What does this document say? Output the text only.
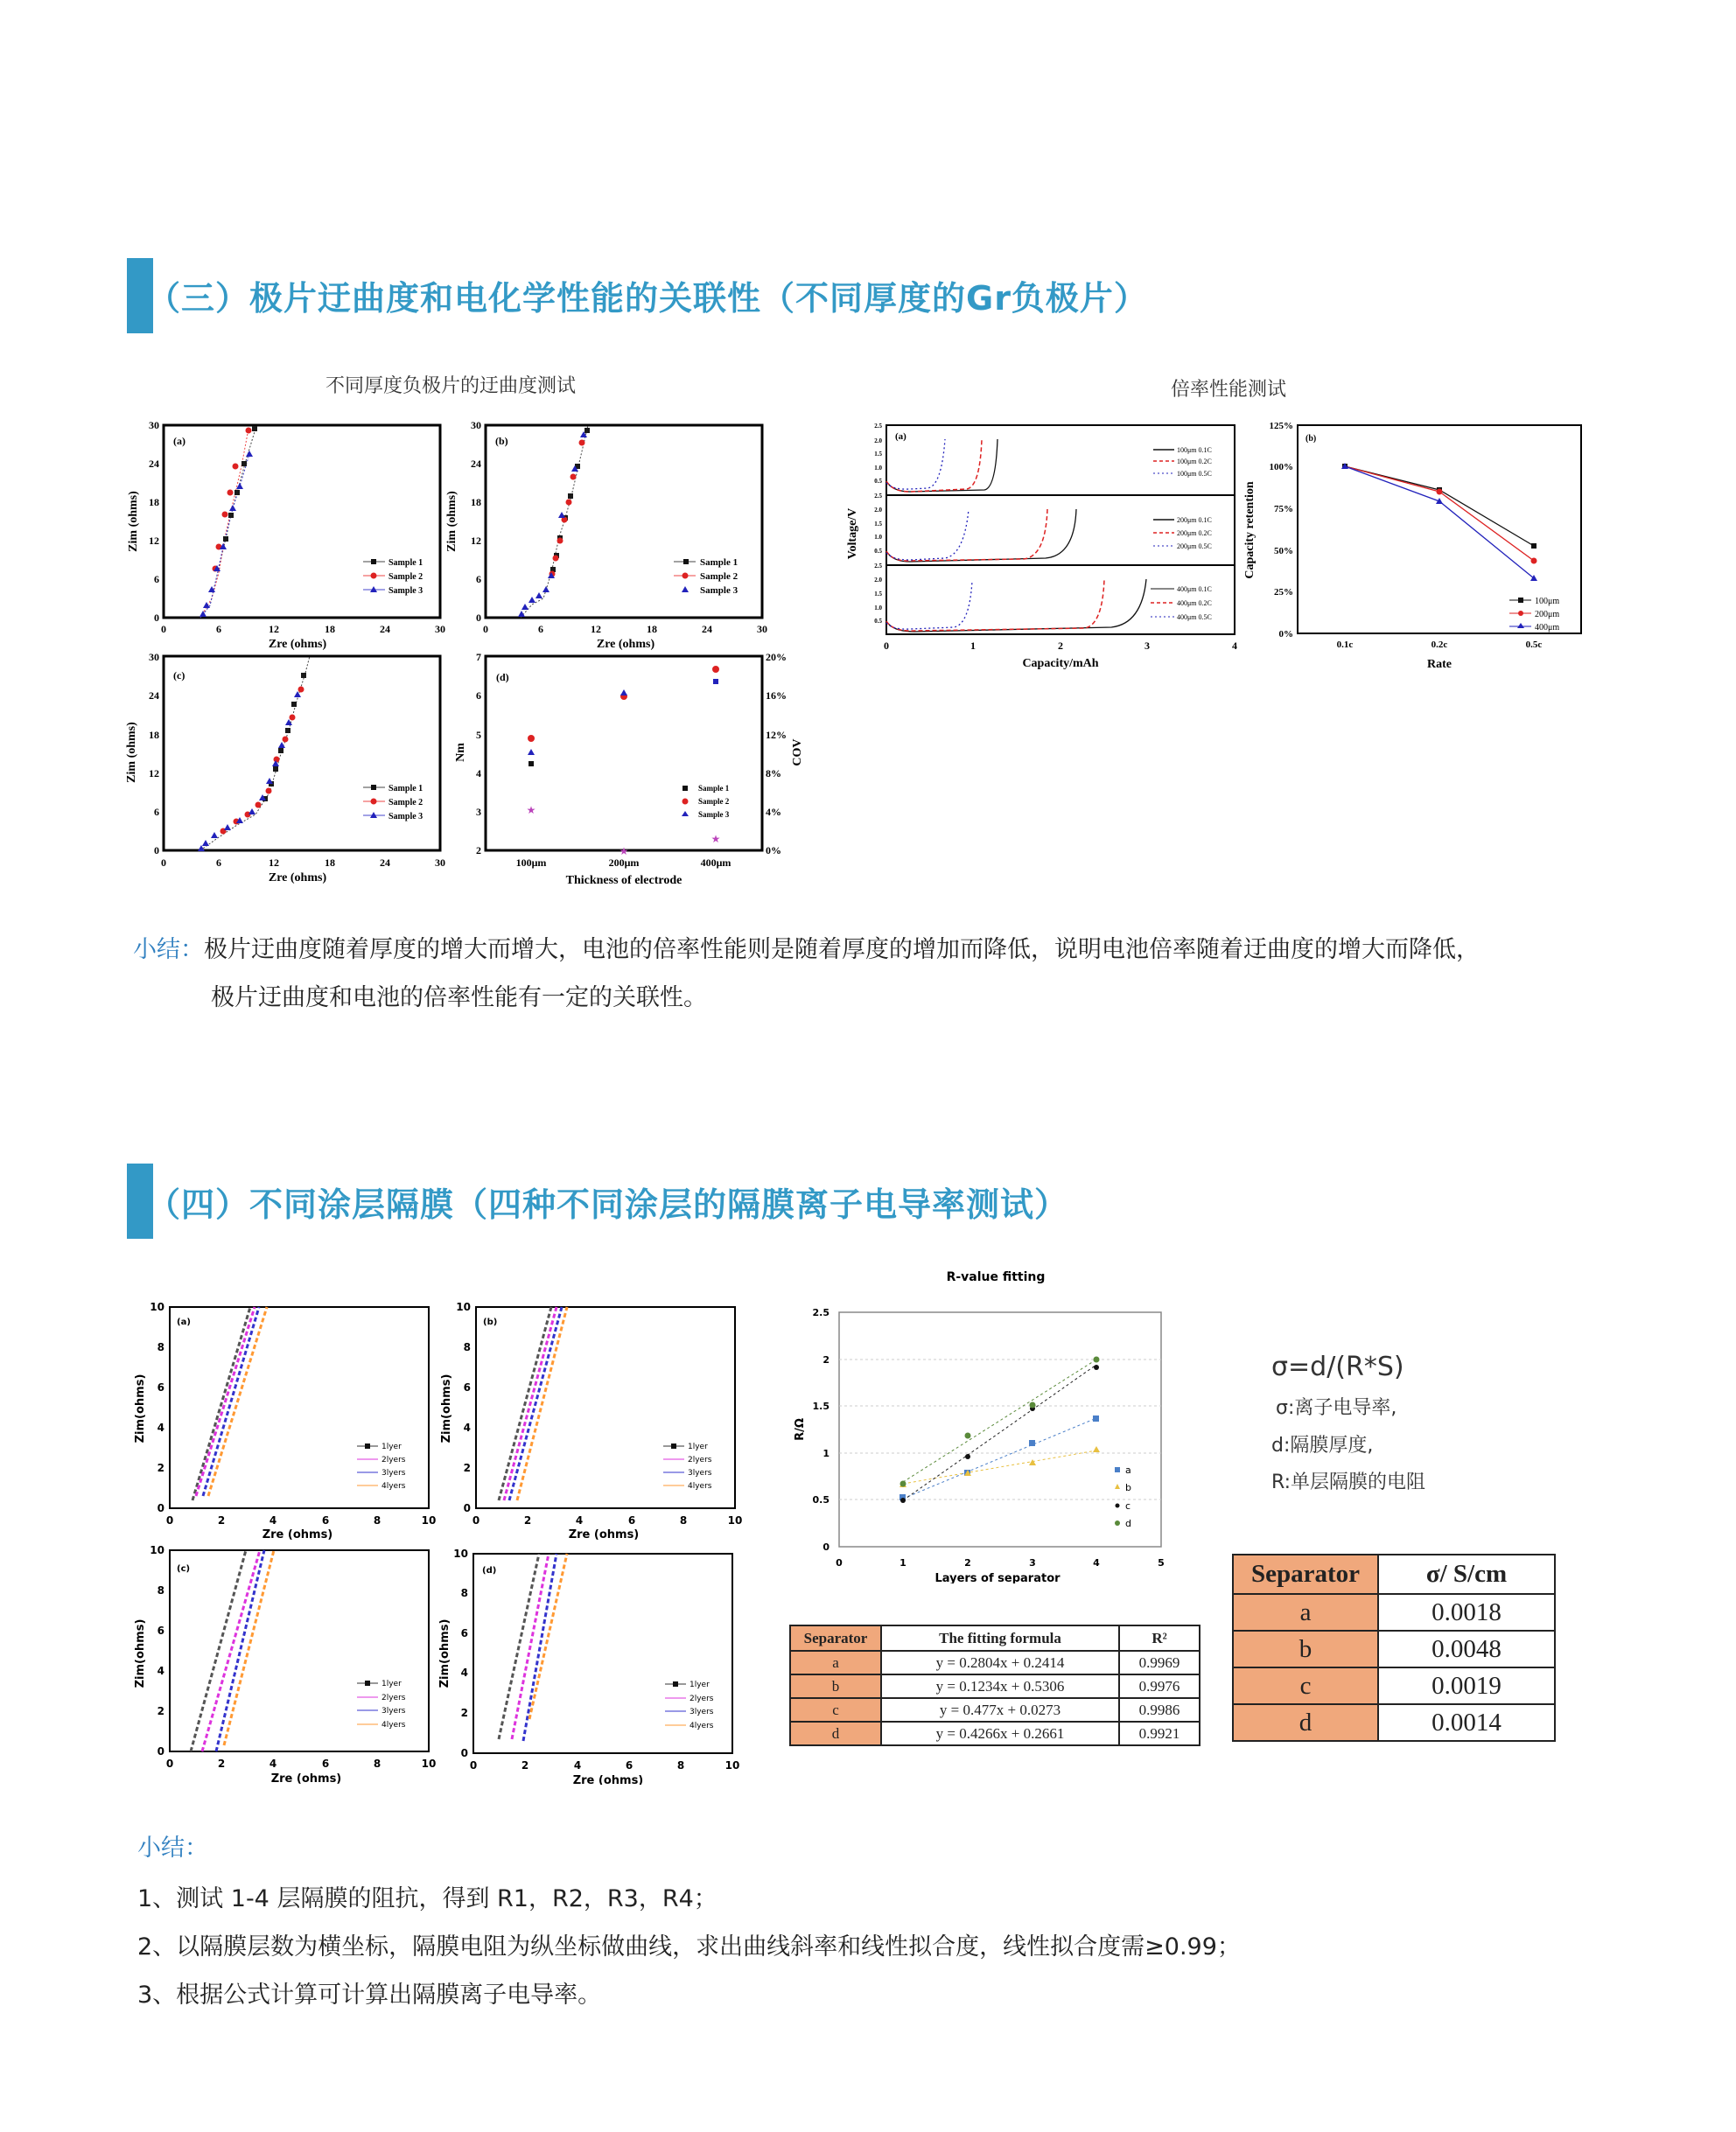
（三）极片迂曲度和电化学性能的关联性（不同厚度的Gr负极片）
不同厚度负极片的迂曲度测试	倍率性能测试
0
6
12
18
24
30
0	6	12	18	24	30
Zre (ohms)
Zim (ohms)
(a)
Sample 1
Sample 2
Sample 3
0
6
12
18
24
30
0	6	12	18	24	30
Zre (ohms)
Zim (ohms)
(b)
Sample 1
Sample 2
Sample 3
0
6
12
18
24
30
0	6	12	18	24	30
Zre (ohms)
Zim (ohms)
(c)
Sample 1
Sample 2
Sample 3
2
3
4
5
6
7
0%
4%
8%
12%
16%
20%
100μm	200μm	400μm
Thickness of electrode
Nm	COV
(d)
★
★
★
Sample 1
Sample 2
Sample 3
2.5
2.0
1.5
1.0
0.5
2.5
2.0
1.5
1.0
0.5
2.5
2.0
1.5
1.0
0.5
0	1	2	3	4
Capacity/mAh
Voltage/V
(a)
100μm 0.1C
100μm 0.2C
100μm 0.5C
200μm 0.1C
200μm 0.2C
200μm 0.5C
400μm 0.1C
400μm 0.2C
400μm 0.5C
125%
100%
75%
50%
25%
0%
0.1c	0.2c	0.5c
Rate
Capacity retention
(b)
100μm
200μm
400μm
小结：极片迂曲度随着厚度的增大而增大，电池的倍率性能则是随着厚度的增加而降低，说明电池倍率随着迂曲度的增大而降低，
极片迂曲度和电池的倍率性能有一定的关联性。
（四）不同涂层隔膜（四种不同涂层的隔膜离子电导率测试）
0
2
4
6
8
10
0	2	4	6	8	10
Zim(ohms)
(a)
1lyer
2lyers
3lyers
4lyers
0
2
4
6
8
10
0	2	4	6	8	10
Zim(ohms)
(b)
1lyer
2lyers
3lyers
4lyers
0
2
4
6
8
10
0	2	4	6	8	10
Zre (ohms)
Zim(ohms)
(c)
1lyer
2lyers
3lyers
4lyers
0
2
4
6
8
10
0	2	4	6	8	10
Zre (ohms)
Zim(ohms)
(d)
1lyer
2lyers
3lyers
4lyers
Zre (ohms)	Zre (ohms)
R-value fitting
0
0.5
1
1.5
2
2.5
0	1	2	3	4	5
Layers of separator
R/Ω
a
b
c
d
Separator	The fitting formula	R²
a	y = 0.2804x + 0.2414	0.9969
b	y = 0.1234x + 0.5306	0.9976
c	y = 0.477x + 0.0273	0.9986
d	y = 0.4266x + 0.2661	0.9921
σ=d/(R*S)
σ:离子电导率,
d:隔膜厚度,
R:单层隔膜的电阻
Separator	σ/ S/cm
a	0.0018
b	0.0048
c	0.0019
d	0.0014
小结：
1、测试 1-4 层隔膜的阻抗，得到 R1，R2，R3，R4；
2、以隔膜层数为横坐标，隔膜电阻为纵坐标做曲线，求出曲线斜率和线性拟合度，线性拟合度需≥0.99；
3、根据公式计算可计算出隔膜离子电导率。
